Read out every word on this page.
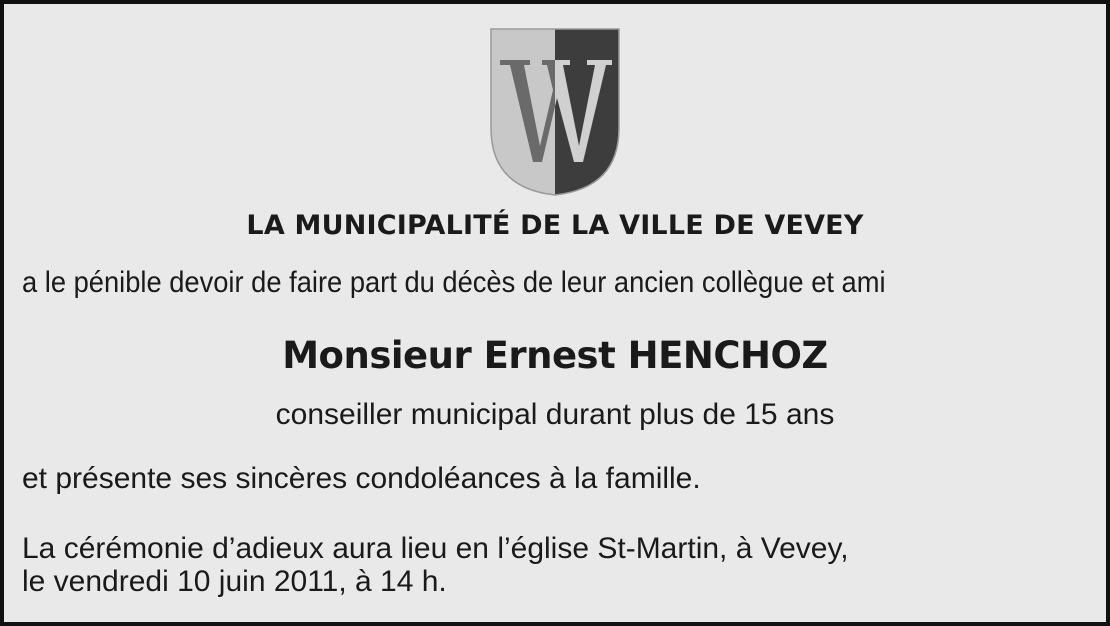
LA MUNICIPALITÉ DE LA VILLE DE VEVEY

a le pénible devoir de faire part du décès de leur ancien collègue et ami

Monsieur Ernest HENCHOZ

conseiller municipal durant plus de 15 ans

et présente ses sincères condoléances à la famille.

La cérémonie d’adieux aura lieu en l’église St-Martin, à Vevey,
le vendredi 10 juin 2011, à 14 h.
